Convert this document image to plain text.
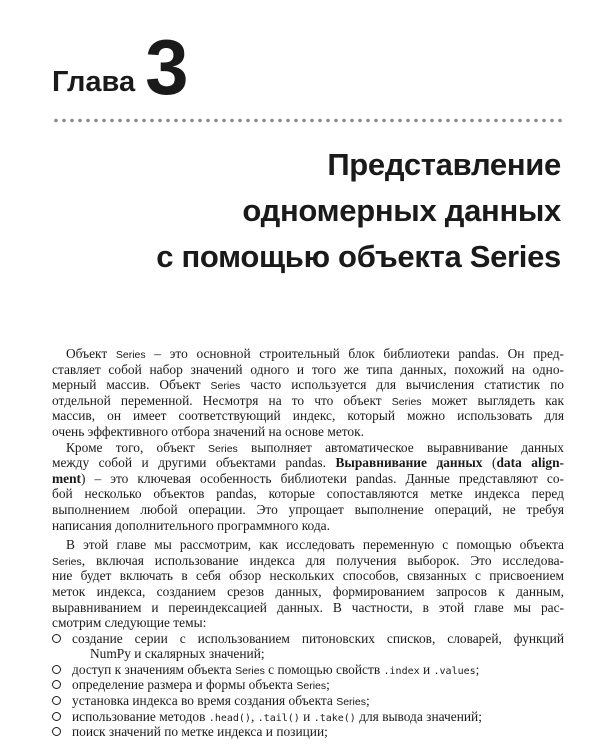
Глава 3
Представление
одномерных данных
с помощью объекта Series
Объект Series – это основной строительный блок библиотеки pandas. Он пред-
ставляет собой набор значений одного и того же типа данных, похожий на одно-
мерный массив. Объект Series часто используется для вычисления статистик по
отдельной переменной. Несмотря на то что объект Series может выглядеть как
массив, он имеет соответствующий индекс, который можно использовать для
очень эффективного отбора значений на основе меток.
Кроме того, объект Series выполняет автоматическое выравнивание данных
между собой и другими объектами pandas. Выравнивание данных (data align-
ment) – это ключевая особенность библиотеки pandas. Данные представляют со-
бой несколько объектов pandas, которые сопоставляются метке индекса перед
выполнением любой операции. Это упрощает выполнение операций, не требуя
написания дополнительного программного кода.
В этой главе мы рассмотрим, как исследовать переменную с помощью объекта
Series, включая использование индекса для получения выборок. Это исследова-
ние будет включать в себя обзор нескольких способов, связанных с присвоением
меток индекса, созданием срезов данных, формированием запросов к данным,
выравниванием и переиндексацией данных. В частности, в этой главе мы рас-
смотрим следующие темы:
создание серии с использованием питоновских списков, словарей, функций
NumPy и скалярных значений;
доступ к значениям объекта Series с помощью свойств .index и .values;
определение размера и формы объекта Series;
установка индекса во время создания объекта Series;
использование методов .head(), .tail() и .take() для вывода значений;
поиск значений по метке индекса и позиции;
